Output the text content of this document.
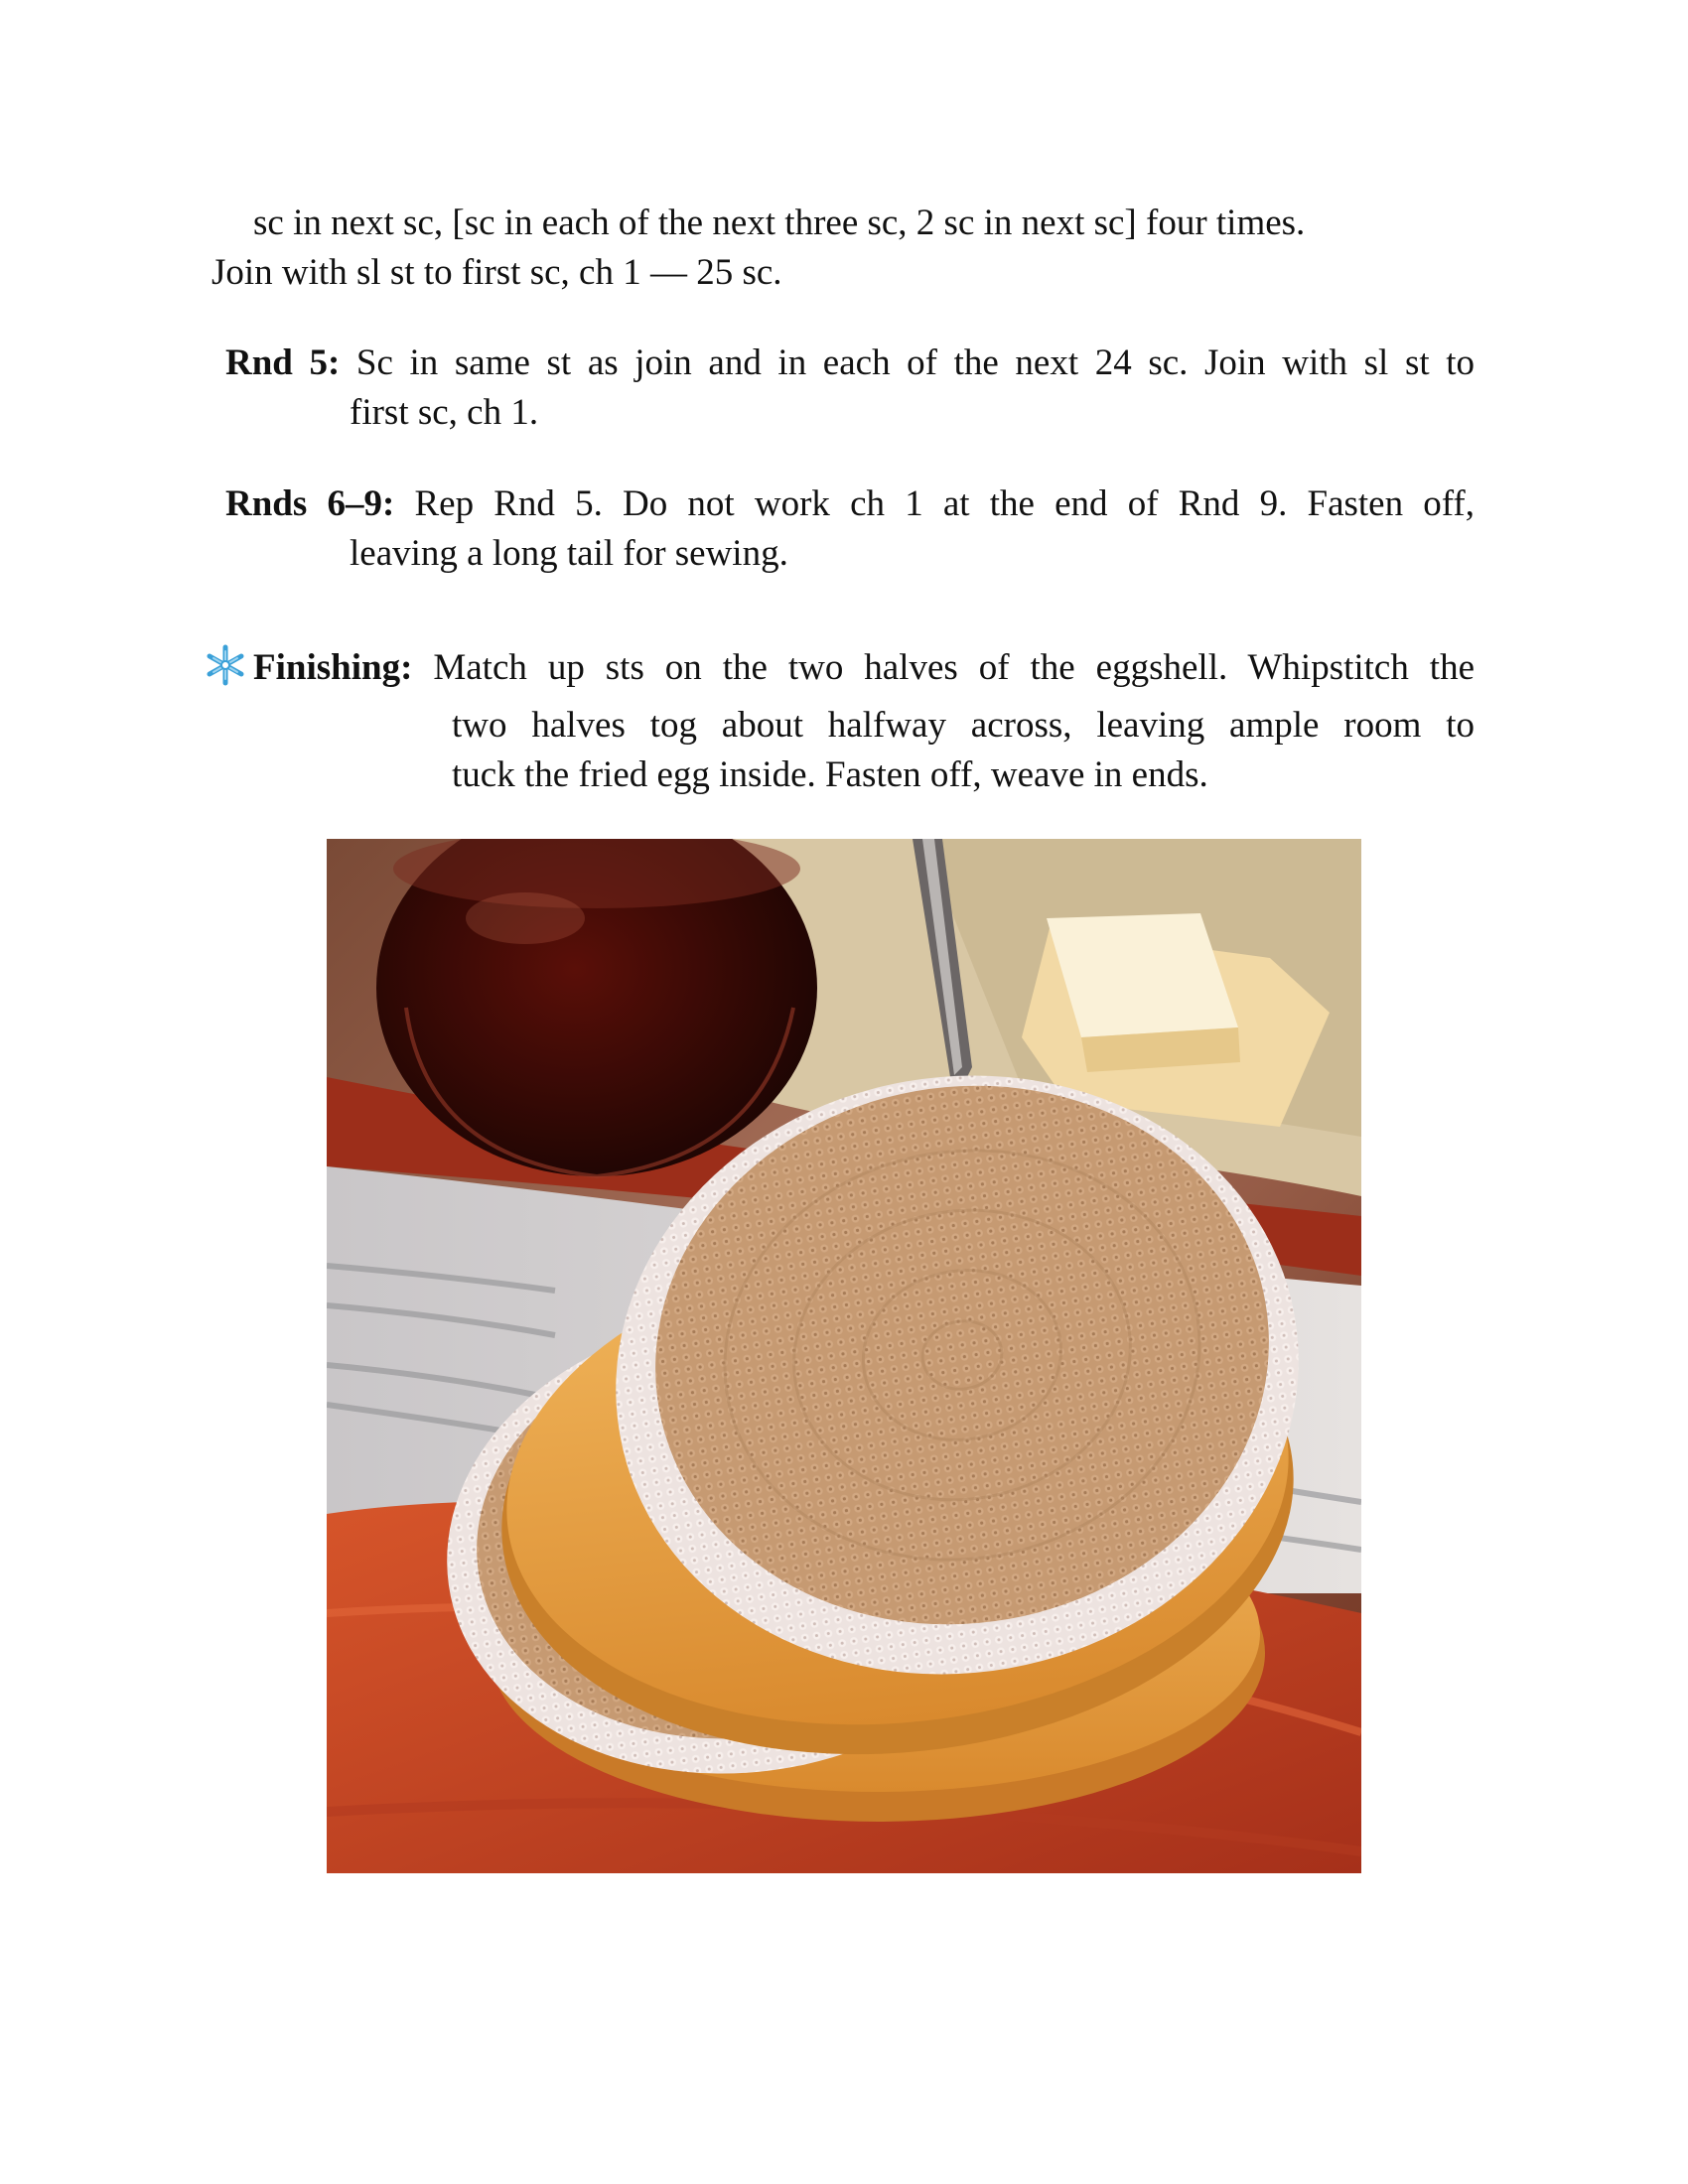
sc in next sc, [sc in each of the next three sc, 2 sc in next sc] four times.

Join with sl st to first sc, ch 1 — 25 sc.

Rnd 5: Sc in same st as join and in each of the next 24 sc. Join with sl st to
first sc, ch 1.
Rnds 6–9: Rep Rnd 5. Do not work ch 1 at the end of Rnd 9. Fasten off,
leaving a long tail for sewing.
Finishing: Match up sts on the two halves of the eggshell. Whipstitch the
two halves tog about halfway across, leaving ample room to
tuck the fried egg inside. Fasten off, weave in ends.
